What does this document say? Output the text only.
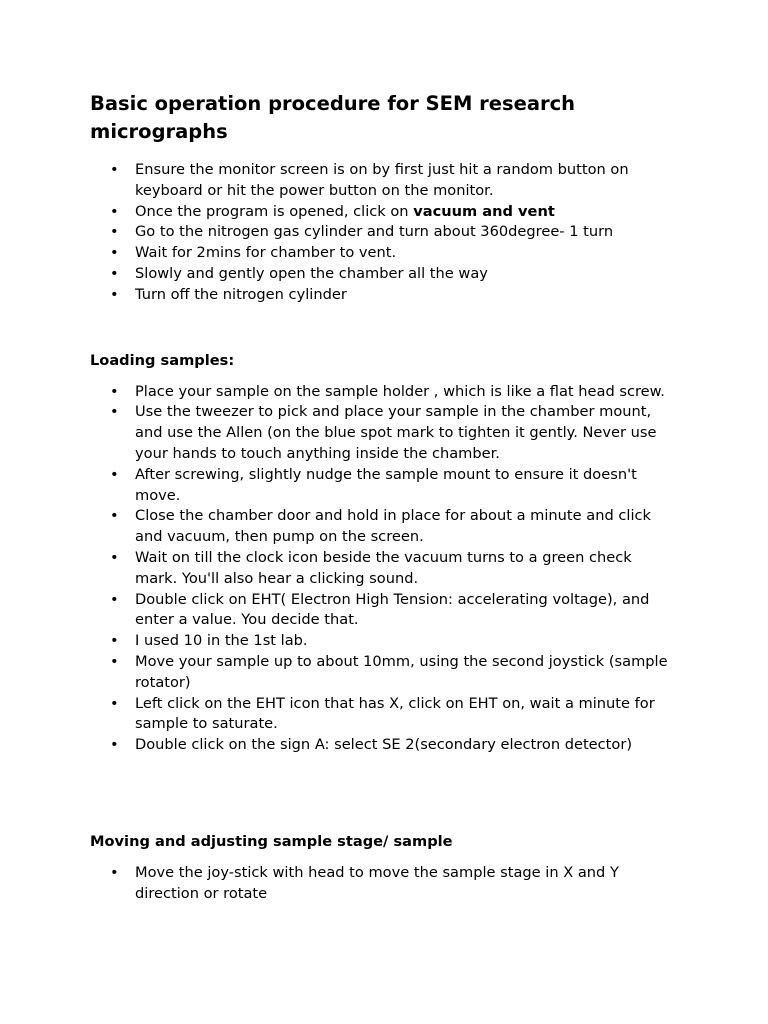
Basic operation procedure for SEM research micrographs
• Ensure the monitor screen is on by first just hit a random button on keyboard or hit the power button on the monitor.
• Once the program is opened, click on vacuum and vent
• Go to the nitrogen gas cylinder and turn about 360degree- 1 turn
• Wait for 2mins for chamber to vent.
• Slowly and gently open the chamber all the way
• Turn off the nitrogen cylinder
Loading samples:
• Place your sample on the sample holder , which is like a flat head screw.
• Use the tweezer to pick and place your sample in the chamber mount, and use the Allen (on the blue spot mark to tighten it gently. Never use your hands to touch anything inside the chamber.
• After screwing, slightly nudge the sample mount to ensure it doesn't move.
• Close the chamber door and hold in place for about a minute and click and vacuum, then pump on the screen.
• Wait on till the clock icon beside the vacuum turns to a green check mark. You'll also hear a clicking sound.
• Double click on EHT( Electron High Tension: accelerating voltage), and enter a value. You decide that.
• I used 10 in the 1st lab.
• Move your sample up to about 10mm, using the second joystick (sample rotator)
• Left click on the EHT icon that has X, click on EHT on, wait a minute for sample to saturate.
• Double click on the sign A: select SE 2(secondary electron detector)
Moving and adjusting sample stage/ sample
• Move the joy-stick with head to move the sample stage in X and Y direction or rotate
